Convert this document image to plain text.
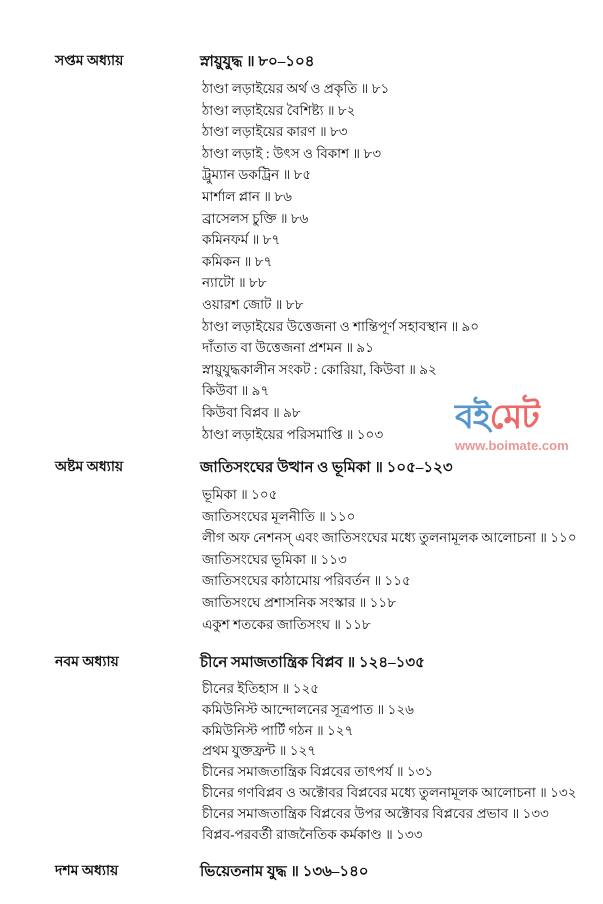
সপ্তম অধ্যায়	স্নায়ুযুদ্ধ ॥ ৮০–১০৪
ঠাণ্ডা লড়াইয়ের অর্থ ও প্রকৃতি ॥ ৮১
ঠাণ্ডা লড়াইয়ের বৈশিষ্ট্য ॥ ৮২
ঠাণ্ডা লড়াইয়ের কারণ ॥ ৮৩
ঠাণ্ডা লড়াই : উৎস ও বিকাশ ॥ ৮৩
ট্রুম্যান ডকট্রিন ॥ ৮৫
মার্শাল প্লান ॥ ৮৬
ব্রাসেলস চুক্তি ॥ ৮৬
কমিনফর্ম ॥ ৮৭
কমিকন ॥ ৮৭
ন্যাটো ॥ ৮৮
ওয়ারশ জোট ॥ ৮৮
ঠাণ্ডা লড়াইয়ের উত্তেজনা ও শান্তিপূর্ণ সহাবস্থান ॥ ৯০
দাঁতাত বা উত্তেজনা প্রশমন ॥ ৯১
স্নায়ুযুদ্ধকালীন সংকট : কোরিয়া, কিউবা ॥ ৯২
কিউবা ॥ ৯৭
কিউবা বিপ্লব ॥ ৯৮
ঠাণ্ডা লড়াইয়ের পরিসমাপ্তি ॥ ১০৩
অষ্টম অধ্যায়	জাতিসংঘের উত্থান ও ভূমিকা ॥ ১০৫–১২৩
ভূমিকা ॥ ১০৫
জাতিসংঘের মূলনীতি ॥ ১১০
লীগ অফ নেশনস্ এবং জাতিসংঘের মধ্যে তুলনামূলক আলোচনা ॥ ১১০
জাতিসংঘের ভূমিকা ॥ ১১৩
জাতিসংঘের কাঠামোয় পরিবর্তন ॥ ১১৫
জাতিসংঘে প্রশাসনিক সংস্কার ॥ ১১৮
একুশ শতকের জাতিসংঘ ॥ ১১৮
নবম অধ্যায়	চীনে সমাজতান্ত্রিক বিপ্লব ॥ ১২৪–১৩৫
চীনের ইতিহাস ॥ ১২৫
কমিউনিস্ট আন্দোলনের সূত্রপাত ॥ ১২৬
কমিউনিস্ট পার্টি গঠন ॥ ১২৭
প্রথম যুক্তফ্রন্ট ॥ ১২৭
চীনের সমাজতান্ত্রিক বিপ্লবের তাৎপর্য ॥ ১৩১
চীনের গণবিপ্লব ও অক্টোবর বিপ্লবের মধ্যে তুলনামূলক আলোচনা ॥ ১৩২
চীনের সমাজতান্ত্রিক বিপ্লবের উপর অক্টোবর বিপ্লবের প্রভাব ॥ ১৩৩
বিপ্লব-পরবর্তী রাজনৈতিক কর্মকাণ্ড ॥ ১৩৩
দশম অধ্যায়	ভিয়েতনাম যুদ্ধ ॥ ১৩৬–১৪০
বইমেট
www.boimate.com
